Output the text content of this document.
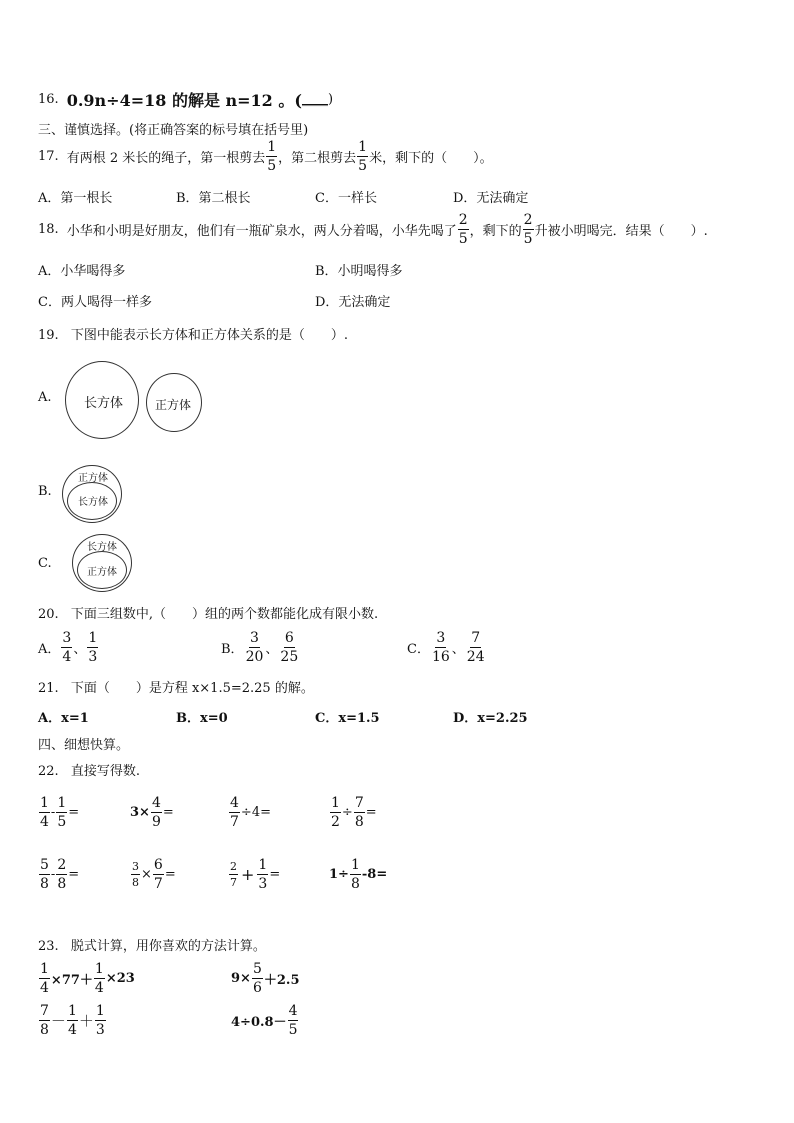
16. 0.9n÷4=18 的解是 n=12 。( ____ )
三、谨慎选择。(将正确答案的标号填在括号里)
17. 有两根 2 米长的绳子，第一根剪去 $\frac{1}{5}$ ，第二根剪去 $\frac{1}{5}$ 米，剩下的（　　）。
A．第一根长	B．第二根长	C．一样长	D．无法确定
18. 小华和小明是好朋友，他们有一瓶矿泉水，两人分着喝，小华先喝了 $\frac{2}{5}$ ，剩下的 $\frac{2}{5}$ 升被小明喝完．结果（　　）.
A．小华喝得多	B．小明喝得多
C．两人喝得一样多	D．无法确定
19. 下图中能表示长方体和正方体关系的是（　　）.
A. 长方体	正方体
B.
正方体
长方体
C.
长方体
正方体
20. 下面三组数中,（　　）组的两个数都能化成有限小数.
A． $\frac{3}{4}$ 、 $\frac{1}{3}$	B． $\frac{3}{20}$ 、 $\frac{6}{25}$	C． $\frac{3}{16}$ 、 $\frac{7}{24}$
21. 下面（　　）是方程 x×1.5=2.25 的解。
A．x=1	B．x=0	C．x=1.5	D．x=2.25
四、细想快算。
22. 直接写得数.
$\frac{1}{4} - \frac{1}{5}$ =	$3\times \frac{4}{9}$ =	$\frac{4}{7} \div 4=$	$\frac{1}{2} \div \frac{7}{8}$ =
$\frac{5}{8} - \frac{2}{8}$ =	$\frac{3}{8} \times \frac{6}{7}$ =	$\frac{2}{7} + \frac{1}{3}$ =	$1\div \frac{1}{8} -8=$
23. 脱式计算，用你喜欢的方法计算。
$\frac{1}{4} \times 77+ \frac{1}{4} \times 23$	$9\times \frac{5}{6} +2.5$
$\frac{7}{8} - \frac{1}{4} + \frac{1}{3}$	$4\div 0.8- \frac{4}{5}$
